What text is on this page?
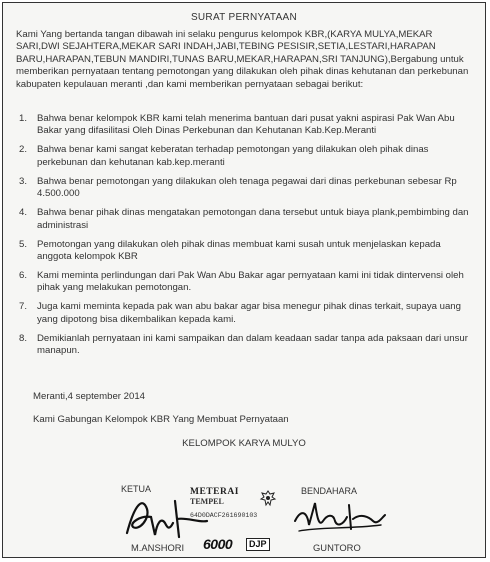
SURAT PERNYATAAN
Kami Yang bertanda tangan dibawah ini selaku pengurus kelompok KBR,(KARYA MULYA,MEKAR SARI,DWI SEJAHTERA,MEKAR SARI INDAH,JABI,TEBING PESISIR,SETIA,LESTARI,HARAPAN BARU,HARAPAN,TEBUN MANDIRI,TUNAS BARU,MEKAR,HARAPAN,SRI TANJUNG),Bergabung untuk memberikan pernyataan tentang pemotongan yang dilakukan oleh pihak dinas kehutanan dan perkebunan kabupaten kepulauan meranti ,dan kami memberikan pernyataan sebagai berikut:
1. Bahwa benar kelompok KBR kami telah menerima bantuan dari pusat yakni aspirasi Pak Wan Abu Bakar yang difasilitasi Oleh Dinas Perkebunan dan Kehutanan Kab.Kep.Meranti
2. Bahwa benar kami sangat keberatan terhadap pemotongan yang dilakukan oleh pihak dinas perkebunan dan kehutanan kab.kep.meranti
3. Bahwa benar pemotongan yang dilakukan oleh tenaga pegawai dari dinas perkebunan sebesar Rp 4.500.000
4. Bahwa benar pihak dinas mengatakan pemotongan dana tersebut untuk biaya plank,pembimbing dan administrasi
5. Pemotongan yang dilakukan oleh pihak dinas membuat kami susah untuk menjelaskan kepada anggota kelompok KBR
6. Kami meminta perlindungan dari Pak Wan Abu Bakar agar pernyataan kami ini tidak dintervensi oleh pihak yang melakukan pemotongan.
7. Juga kami meminta kepada pak wan abu bakar agar bisa menegur pihak dinas terkait, supaya uang yang dipotong bisa dikembalikan kepada kami.
8. Demikianlah pernyataan ini kami sampaikan dan dalam keadaan sadar tanpa ada paksaan dari unsur manapun.
Meranti,4 september 2014
Kami Gabungan Kelompok KBR Yang Membuat Pernyataan
KELOMPOK KARYA MULYO
KETUA	BENDAHARA
METERAI
TEMPEL
64D0DACF261690103
6000	DJP
M.ANSHORI	GUNTORO
